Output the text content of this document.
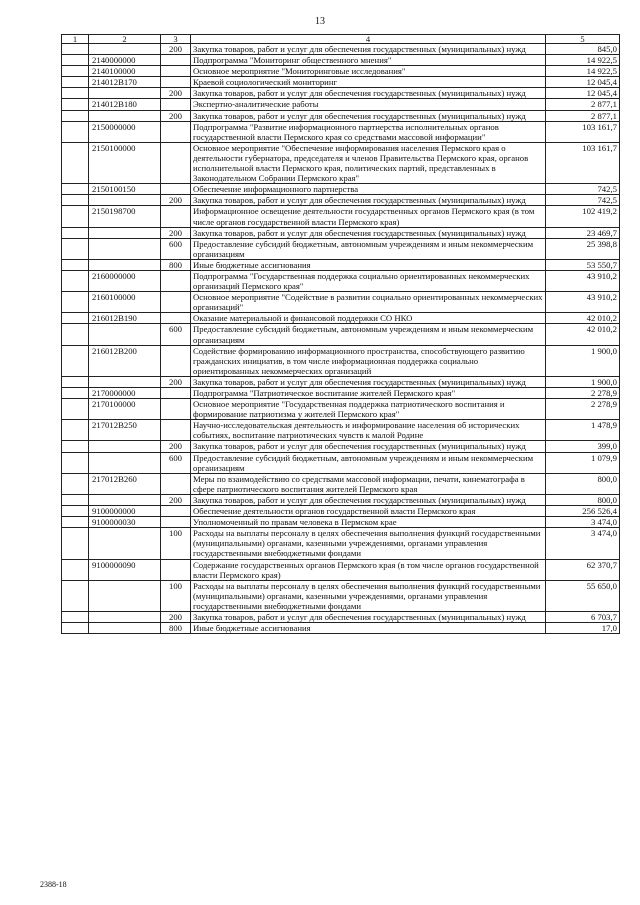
13
1	2	3	4	5
		200	Закупка товаров, работ и услуг для обеспечения государственных (муниципальных) нужд	845,0
	2140000000		Подпрограмма "Мониторинг общественного мнения"	14 922,5
	2140100000		Основное мероприятие "Мониторинговые исследования"	14 922,5
	214012В170		Краевой социологический мониторинг	12 045,4
		200	Закупка товаров, работ и услуг для обеспечения государственных (муниципальных) нужд	12 045,4
	214012В180		Экспертно-аналитические работы	2 877,1
		200	Закупка товаров, работ и услуг для обеспечения государственных (муниципальных) нужд	2 877,1
	2150000000		Подпрограмма "Развитие информационного партнерства исполнительных органов государственной власти Пермского края со средствами массовой информации"	103 161,7
	2150100000		Основное мероприятие "Обеспечение информирования населения Пермского края о деятельности губернатора, председателя и членов Правительства Пермского края, органов исполнительной власти Пермского края, политических партий, представленных в Законодательном Собрании Пермского края"	103 161,7
	2150100150		Обеспечение информационного партнерства	742,5
		200	Закупка товаров, работ и услуг для обеспечения государственных (муниципальных) нужд	742,5
	2150198700		Информационное освещение деятельности государственных органов Пермского края (в том числе органов государственной власти Пермского края)	102 419,2
		200	Закупка товаров, работ и услуг для обеспечения государственных (муниципальных) нужд	23 469,7
		600	Предоставление субсидий бюджетным, автономным учреждениям и иным некоммерческим организациям	25 398,8
		800	Иные бюджетные ассигнования	53 550,7
	2160000000		Подпрограмма "Государственная поддержка социально ориентированных некоммерческих организаций Пермского края"	43 910,2
	2160100000		Основное мероприятие "Содействие в развитии социально ориентированных некоммерческих организаций"	43 910,2
	216012В190		Оказание материальной и финансовой поддержки СО НКО	42 010,2
		600	Предоставление субсидий бюджетным, автономным учреждениям и иным некоммерческим организациям	42 010,2
	216012В200		Содействие формированию информационного пространства, способствующего развитию гражданских инициатив, в том числе информационная поддержка социально ориентированных некоммерческих организаций	1 900,0
		200	Закупка товаров, работ и услуг для обеспечения государственных (муниципальных) нужд	1 900,0
	2170000000		Подпрограмма "Патриотическое воспитание жителей Пермского края"	2 278,9
	2170100000		Основное мероприятие "Государственная поддержка патриотического воспитания и формирование патриотизма у жителей Пермского края"	2 278,9
	217012В250		Научно-исследовательская деятельность и информирование населения об исторических событиях, воспитание патриотических чувств к малой Родине	1 478,9
		200	Закупка товаров, работ и услуг для обеспечения государственных (муниципальных) нужд	399,0
		600	Предоставление субсидий бюджетным, автономным учреждениям и иным некоммерческим организациям	1 079,9
	217012В260		Меры по взаимодействию со средствами массовой информации, печати, кинематографа в сфере патриотического воспитания жителей Пермского края	800,0
		200	Закупка товаров, работ и услуг для обеспечения государственных (муниципальных) нужд	800,0
	9100000000		Обеспечение деятельности органов государственной власти Пермского края	256 526,4
	9100000030		Уполномоченный по правам человека в Пермском крае	3 474,0
		100	Расходы на выплаты персоналу в целях обеспечения выполнения функций государственными (муниципальными) органами, казенными учреждениями, органами управления государственными внебюджетными фондами	3 474,0
	9100000090		Содержание государственных органов Пермского края (в том числе органов государственной власти Пермского края)	62 370,7
		100	Расходы на выплаты персоналу в целях обеспечения выполнения функций государственными (муниципальными) органами, казенными учреждениями, органами управления государственными внебюджетными фондами	55 650,0
		200	Закупка товаров, работ и услуг для обеспечения государственных (муниципальных) нужд	6 703,7
		800	Иные бюджетные ассигнования	17,0
2388-18
